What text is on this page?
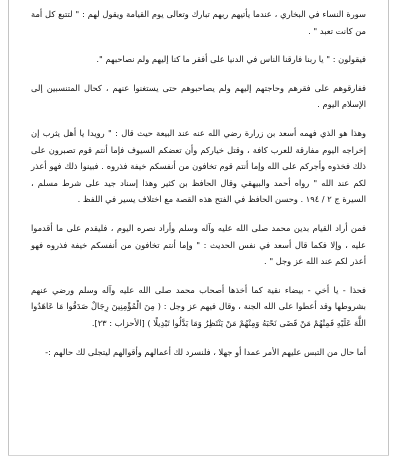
سورة النساء في البخاري ، عندما يأتيهم ربهم تبارك وتعالى يوم القيامة ويقول لهم : " لتتبع كل أمة من كانت تعبد " .

فيقولون : " يا ربنا فارقنا الناس في الدنيا على أفقر ما كنا إليهم ولم نصاحبهم ".

ففارقوهم على فقرهم وحاجتهم إليهم ولم يصاحبوهم حتى يستغنوا عنهم ، كحال المتنسبين إلى الإسلام اليوم .

وهذا هو الذي فهمه أسعد بن زرارة رضي الله عنه عند البيعة حيث قال : " رويدا يا أهل يثرب إن إخراجه اليوم مفارقة للعرب كافة ، وقتل خياركم وأن تعضكم السيوف فإما أنتم قوم تصبرون على ذلك فخذوه وأجركم على الله وإما أنتم قوم تخافون من أنفسكم خيفة فذروه . فبينوا ذلك فهو أعذر لكم عند الله " رواه أحمد والبيهقي وقال الحافظ بن كثير وهذا إسناد جيد على شرط مسلم ، السيرة ج ٢ / ١٩٤ . وحسن الحافظ في الفتح هذه القصة مع اختلاف يسير في اللفظ .

فمن أراد القيام بدين محمد صلى الله عليه وآله وسلم وأراد نصره اليوم ، فليقدم على ما أقدموا عليه ، وإلا فكما قال أسعد في نفس الحديث : " وإما أنتم تخافون من أنفسكم خيفة فذروه فهو أعذر لكم عند الله عز وجل " .

فحذا - يا أخي - بيضاء نقية كما أخذها أصحاب محمد صلى الله عليه وآله وسلم ورضي عنهم بشروطها وقد أعطوا على الله الجنة ، وقال فيهم عز وجل : ( مِنَ الْمُؤْمِنِينَ رِجَالٌ صَدَقُوا مَا عَاهَدُوا اللَّهَ عَلَيْهِ فَمِنْهُمْ مَنْ قَضَى نَحْبَهُ وَمِنْهُمْ مَنْ يَنْتَظِرُ وَمَا بَدَّلُوا تَبْدِيلًا ) [الأحزاب : ٢٣].

أما حال من التبس عليهم الأمر عمدا أو جهلا ، فلنسرد لك أعمالهم وأقوالهم ليتجلى لك حالهم :-
